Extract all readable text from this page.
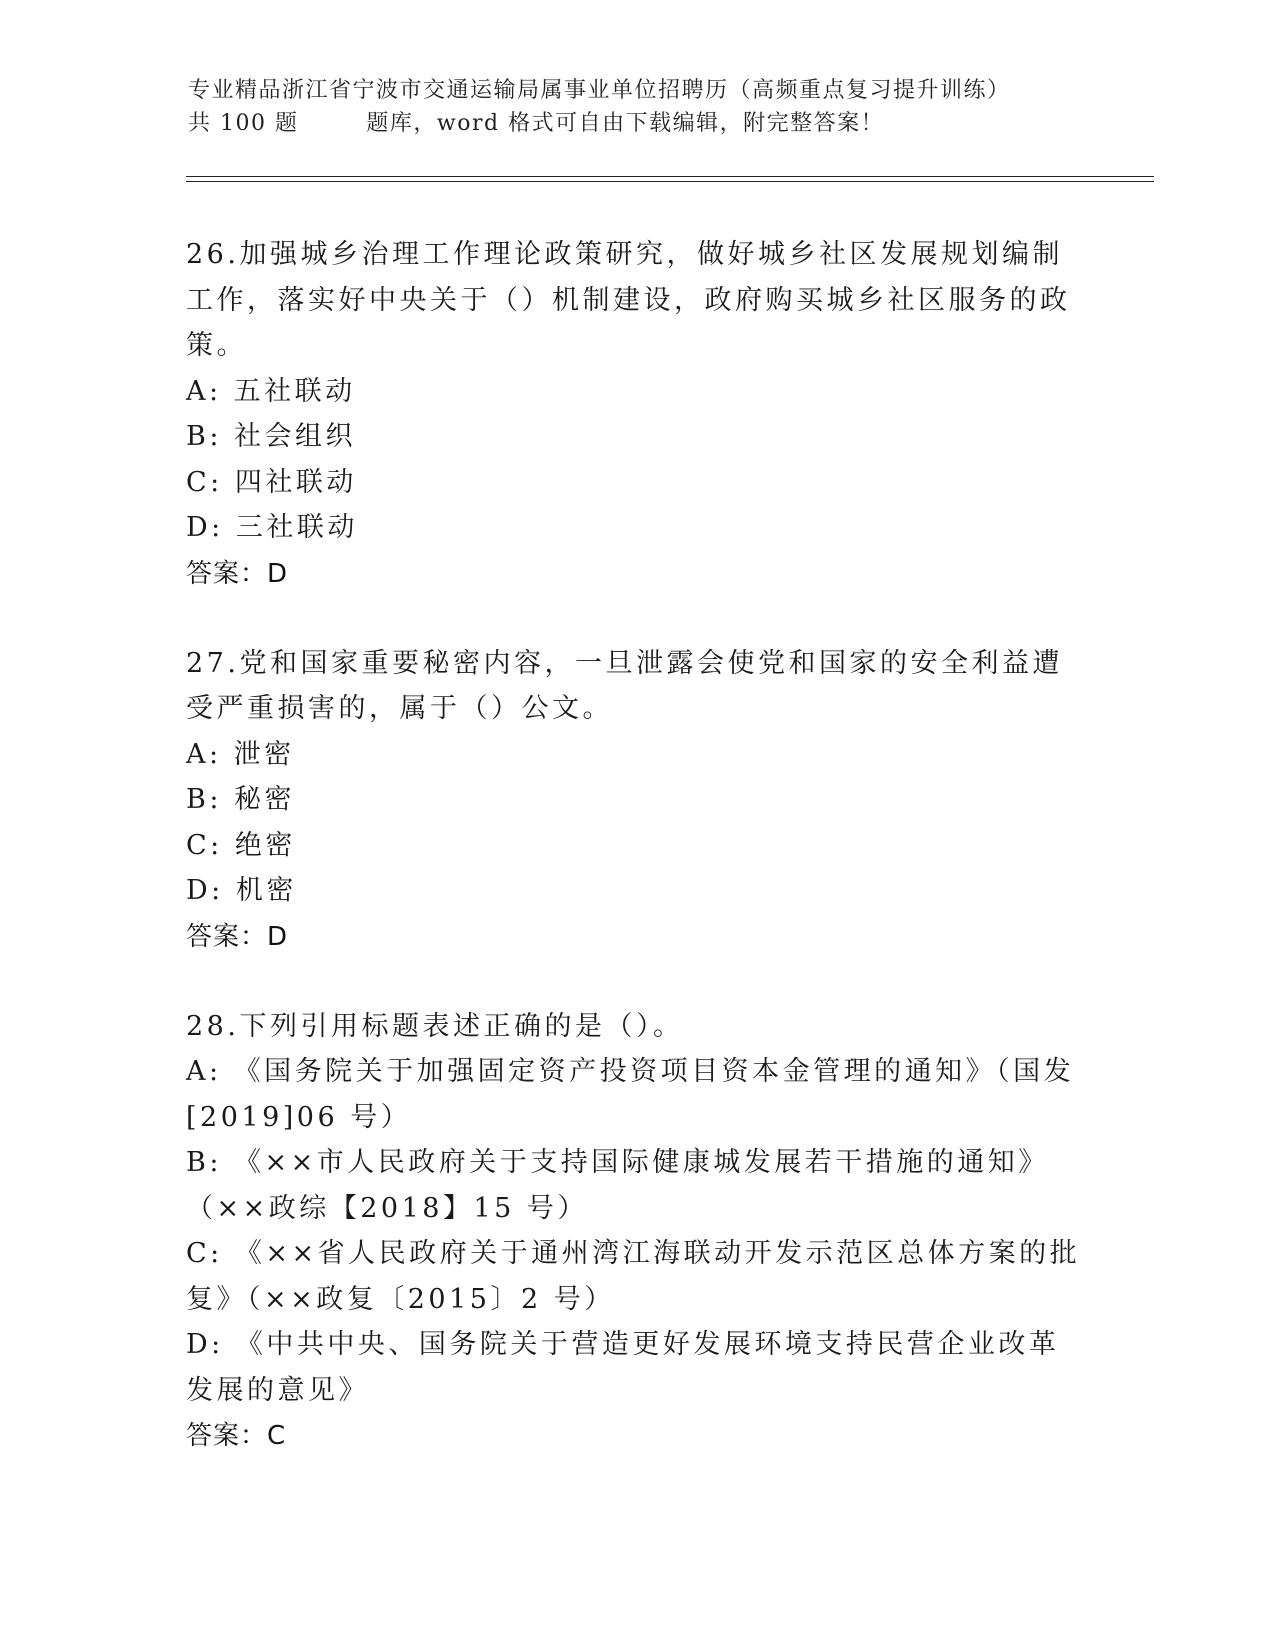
专业精品浙江省宁波市交通运输局属事业单位招聘历（高频重点复习提升训练）
共 100 题        题库，word 格式可自由下载编辑，附完整答案！
26.加强城乡治理工作理论政策研究，做好城乡社区发展规划编制工作，落实好中央关于（）机制建设，政府购买城乡社区服务的政策。
A: 五社联动
B: 社会组织
C: 四社联动
D: 三社联动
答案：D
27.党和国家重要秘密内容，一旦泄露会使党和国家的安全利益遭受严重损害的，属于（）公文。
A: 泄密
B: 秘密
C: 绝密
D: 机密
答案：D
28.下列引用标题表述正确的是（）。
A: 《国务院关于加强固定资产投资项目资本金管理的通知》（国发[2019]06 号）
B: 《××市人民政府关于支持国际健康城发展若干措施的通知》（××政综【2018】15 号）
C: 《××省人民政府关于通州湾江海联动开发示范区总体方案的批复》（××政复〔2015〕2 号）
D: 《中共中央、国务院关于营造更好发展环境支持民营企业改革发展的意见》
答案：C
